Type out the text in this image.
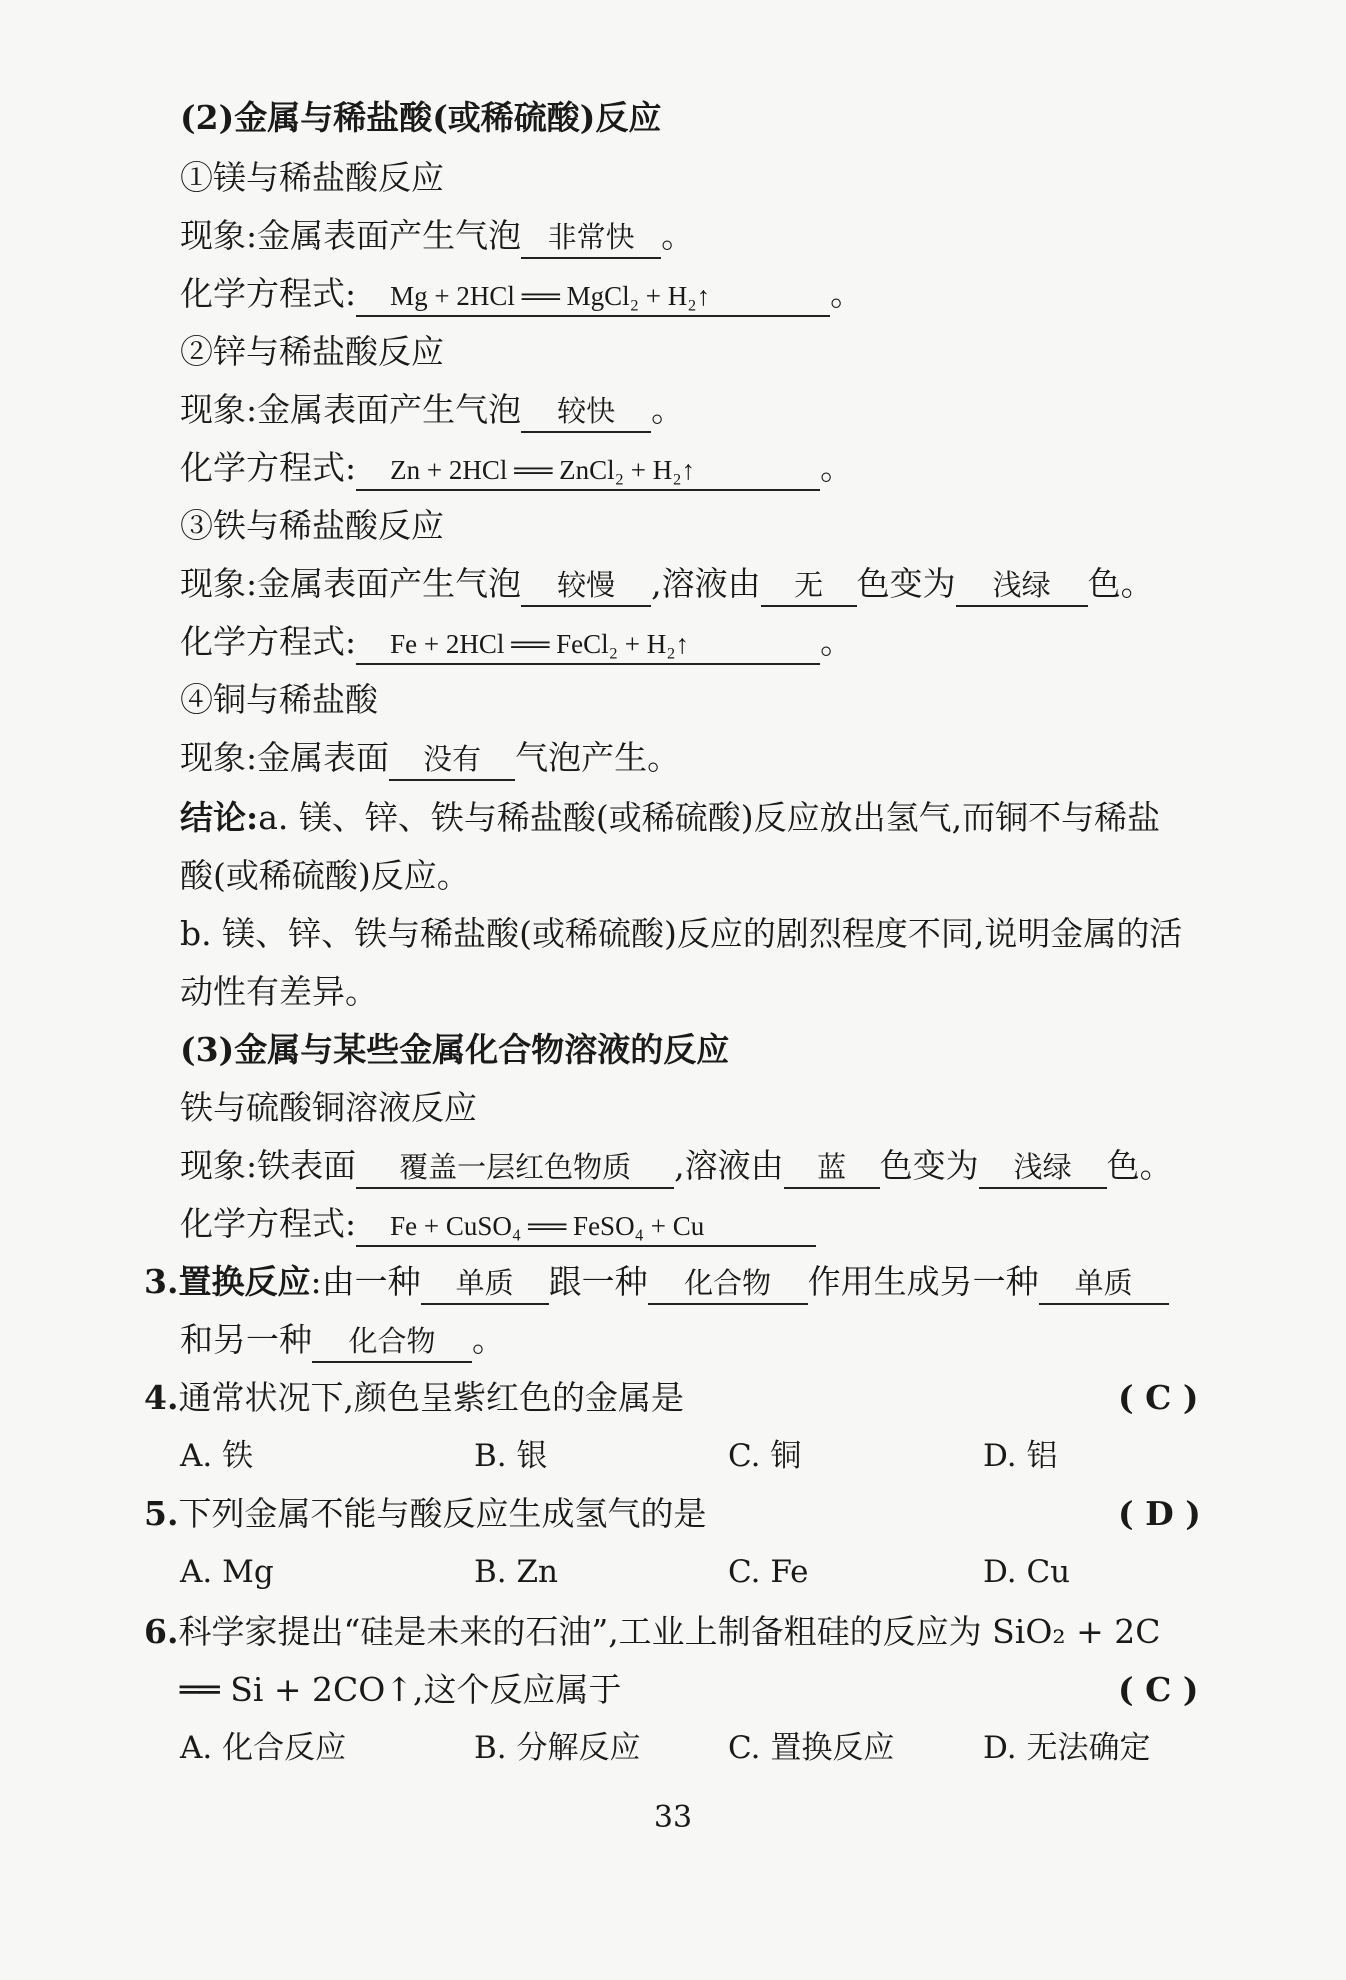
(2)金属与稀盐酸(或稀硫酸)反应
①镁与稀盐酸反应
现象:金属表面产生气泡 非常快 。
化学方程式: Mg + 2HCl ══ MgCl₂ + H₂↑	。
②锌与稀盐酸反应
现象:金属表面产生气泡 较快 。
化学方程式: Zn + 2HCl ══ ZnCl₂ + H₂↑	。
③铁与稀盐酸反应
现象:金属表面产生气泡 较慢 ,溶液由 无 色变为 浅绿 色。
化学方程式: Fe + 2HCl ══ FeCl₂ + H₂↑	。
④铜与稀盐酸
现象:金属表面 没有 气泡产生。
结论:a. 镁、锌、铁与稀盐酸(或稀硫酸)反应放出氢气,而铜不与稀盐
酸(或稀硫酸)反应。
b. 镁、锌、铁与稀盐酸(或稀硫酸)反应的剧烈程度不同,说明金属的活
动性有差异。
(3)金属与某些金属化合物溶液的反应
铁与硫酸铜溶液反应
现象:铁表面 覆盖一层红色物质 ,溶液由 蓝 色变为 浅绿 色。
化学方程式: Fe + CuSO₄ ══ FeSO₄ + Cu
3.置换反应:由一种 单质 跟一种 化合物 作用生成另一种 单质
和另一种 化合物 。
4.通常状况下,颜色呈紫红色的金属是	( C )
A. 铁	B. 银	C. 铜	D. 铝
5.下列金属不能与酸反应生成氢气的是	( D )
A. Mg	B. Zn	C. Fe	D. Cu
6.科学家提出“硅是未来的石油”,工业上制备粗硅的反应为 SiO₂ + 2C
══ Si + 2CO↑,这个反应属于	( C )
A. 化合反应	B. 分解反应	C. 置换反应	D. 无法确定
33
